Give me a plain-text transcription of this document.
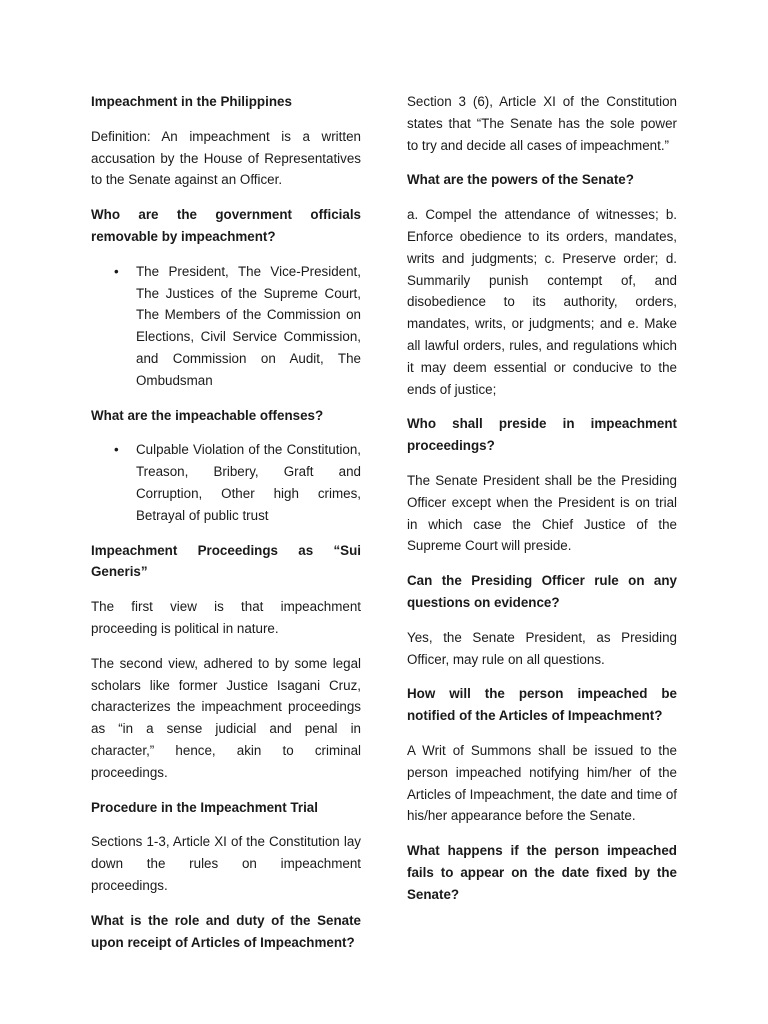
Impeachment in the Philippines

Definition: An impeachment is a written accusation by the House of Representatives to the Senate against an Officer.

Who are the government officials removable by impeachment?

• The President, The Vice-President, The Justices of the Supreme Court, The Members of the Commission on Elections, Civil Service Commission, and Commission on Audit, The Ombudsman

What are the impeachable offenses?

• Culpable Violation of the Constitution, Treason, Bribery, Graft and Corruption, Other high crimes, Betrayal of public trust

Impeachment Proceedings as “Sui Generis”

The first view is that impeachment proceeding is political in nature.

The second view, adhered to by some legal scholars like former Justice Isagani Cruz, characterizes the impeachment proceedings as “in a sense judicial and penal in character,” hence, akin to criminal proceedings.

Procedure in the Impeachment Trial

Sections 1-3, Article XI of the Constitution lay down the rules on impeachment proceedings.

What is the role and duty of the Senate upon receipt of Articles of Impeachment?

Section 3 (6), Article XI of the Constitution states that “The Senate has the sole power to try and decide all cases of impeachment.”

What are the powers of the Senate?

a. Compel the attendance of witnesses; b. Enforce obedience to its orders, mandates, writs and judgments; c. Preserve order; d. Summarily punish contempt of, and disobedience to its authority, orders, mandates, writs, or judgments; and e. Make all lawful orders, rules, and regulations which it may deem essential or conducive to the ends of justice;

Who shall preside in impeachment proceedings?

The Senate President shall be the Presiding Officer except when the President is on trial in which case the Chief Justice of the Supreme Court will preside.

Can the Presiding Officer rule on any questions on evidence?

Yes, the Senate President, as Presiding Officer, may rule on all questions.

How will the person impeached be notified of the Articles of Impeachment?

A Writ of Summons shall be issued to the person impeached notifying him/her of the Articles of Impeachment, the date and time of his/her appearance before the Senate.

What happens if the person impeached fails to appear on the date fixed by the Senate?
